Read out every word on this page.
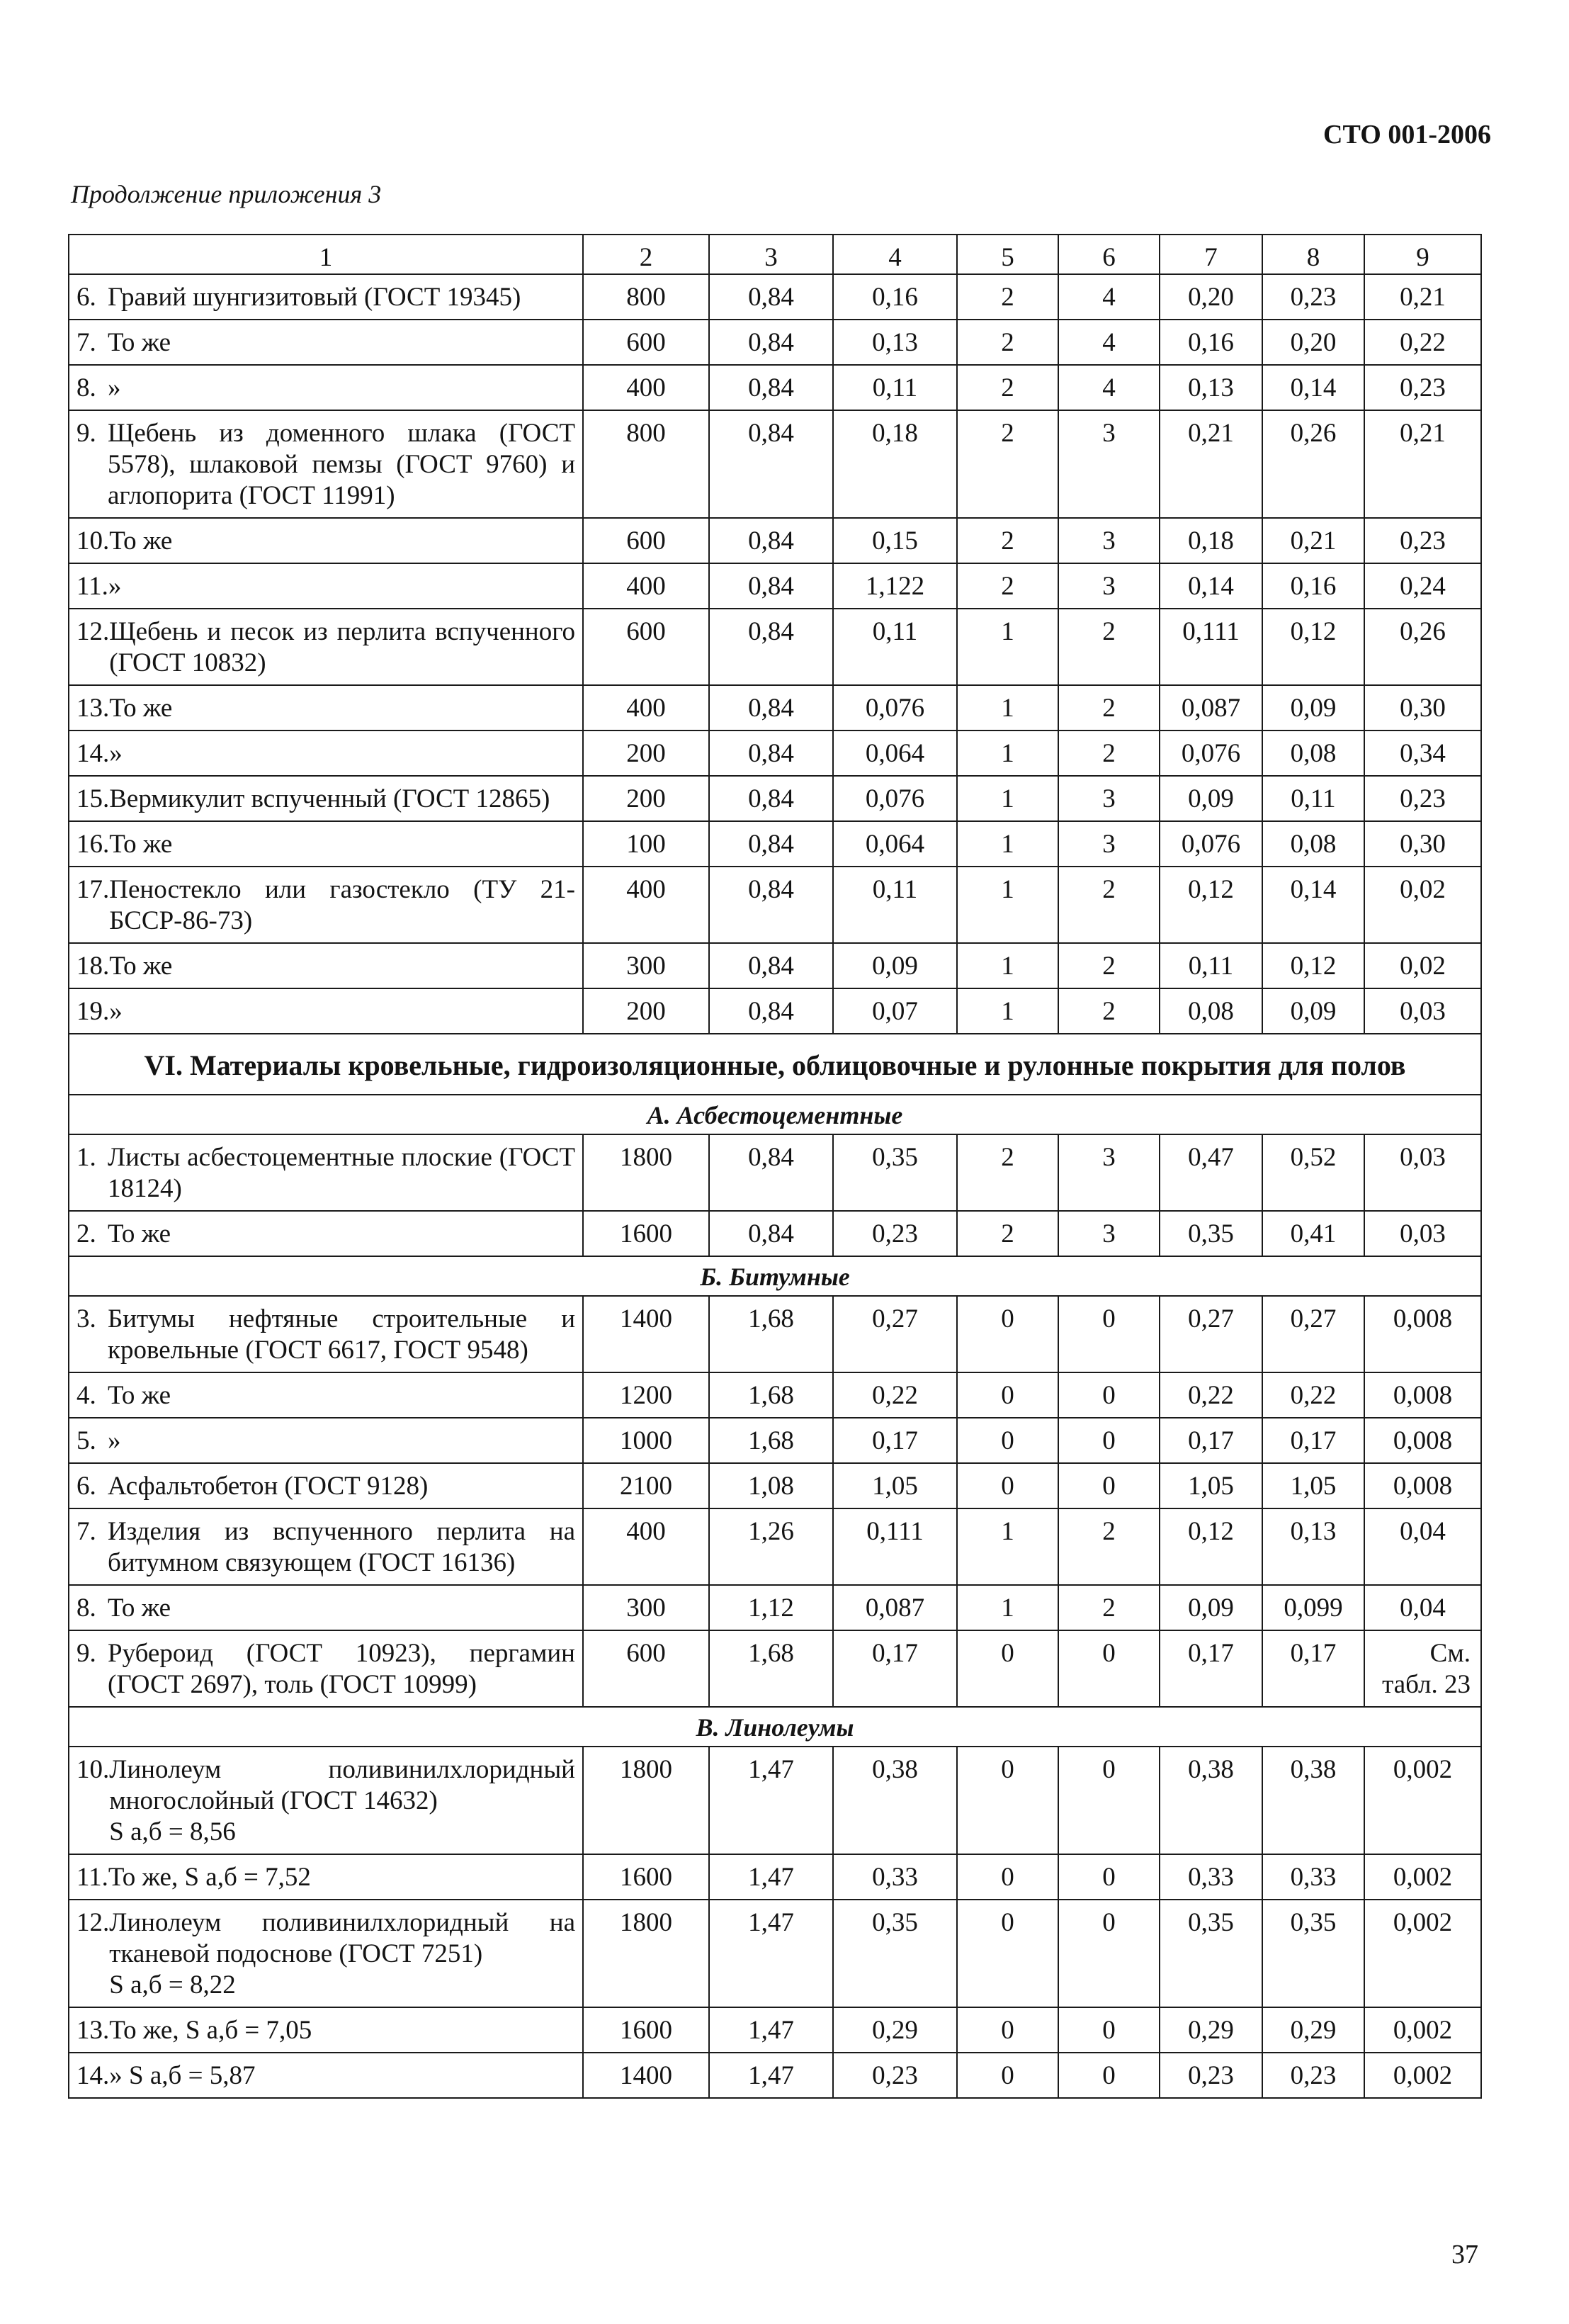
СТО 001-2006
Продолжение приложения 3
1	2	3	4	5	6	7	8	9

6. Гравий шунгизитовый (ГОСТ 19345)	800	0,84	0,16	2	4	0,20	0,23	0,21

7. То же	600	0,84	0,13	2	4	0,16	0,20	0,22

8. »	400	0,84	0,11	2	4	0,13	0,14	0,23

9. Щебень из доменного шлака (ГОСТ 5578), шлаковой пемзы (ГОСТ 9760) и аглопорита (ГОСТ 11991)	800	0,84	0,18	2	3	0,21	0,26	0,21

10. То же	600	0,84	0,15	2	3	0,18	0,21	0,23

11. »	400	0,84	1,122	2	3	0,14	0,16	0,24

12. Щебень и песок из перлита вспученного (ГОСТ 10832)	600	0,84	0,11	1	2	0,111	0,12	0,26

13. То же	400	0,84	0,076	1	2	0,087	0,09	0,30

14. »	200	0,84	0,064	1	2	0,076	0,08	0,34

15. Вермикулит вспученный (ГОСТ 12865)	200	0,84	0,076	1	3	0,09	0,11	0,23

16. То же	100	0,84	0,064	1	3	0,076	0,08	0,30

17. Пеностекло или газостекло (ТУ 21-БССР-86-73)	400	0,84	0,11	1	2	0,12	0,14	0,02

18. То же	300	0,84	0,09	1	2	0,11	0,12	0,02

19. »	200	0,84	0,07	1	2	0,08	0,09	0,03
VI. Материалы кровельные, гидроизоляционные, облицовочные и рулонные покрытия для полов								
А. Асбестоцементные								

1. Листы асбестоцементные плоские (ГОСТ 18124)	1800	0,84	0,35	2	3	0,47	0,52	0,03

2. То же	1600	0,84	0,23	2	3	0,35	0,41	0,03
Б. Битумные								

3. Битумы нефтяные строительные и кровельные (ГОСТ 6617, ГОСТ 9548)	1400	1,68	0,27	0	0	0,27	0,27	0,008

4. То же	1200	1,68	0,22	0	0	0,22	0,22	0,008

5. »	1000	1,68	0,17	0	0	0,17	0,17	0,008

6. Асфальтобетон (ГОСТ 9128)	2100	1,08	1,05	0	0	1,05	1,05	0,008

7. Изделия из вспученного перлита на битумном связующем (ГОСТ 16136)	400	1,26	0,111	1	2	0,12	0,13	0,04

8. То же	300	1,12	0,087	1	2	0,09	0,099	0,04

9. Рубероид (ГОСТ 10923), пергамин (ГОСТ 2697), толь (ГОСТ 10999)	600	1,68	0,17	0	0	0,17	0,17	См.
табл. 23
В. Линолеумы								

10. Линолеум поливинилхлоридный многослойный (ГОСТ 14632)
S а,б = 8,56	1800	1,47	0,38	0	0	0,38	0,38	0,002

11. То же, S а,б = 7,52	1600	1,47	0,33	0	0	0,33	0,33	0,002

12. Линолеум поливинилхлоридный на тканевой подоснове (ГОСТ 7251)
S а,б = 8,22	1800	1,47	0,35	0	0	0,35	0,35	0,002

13. То же, S а,б = 7,05	1600	1,47	0,29	0	0	0,29	0,29	0,002

14. » S а,б = 5,87	1400	1,47	0,23	0	0	0,23	0,23	0,002
37
